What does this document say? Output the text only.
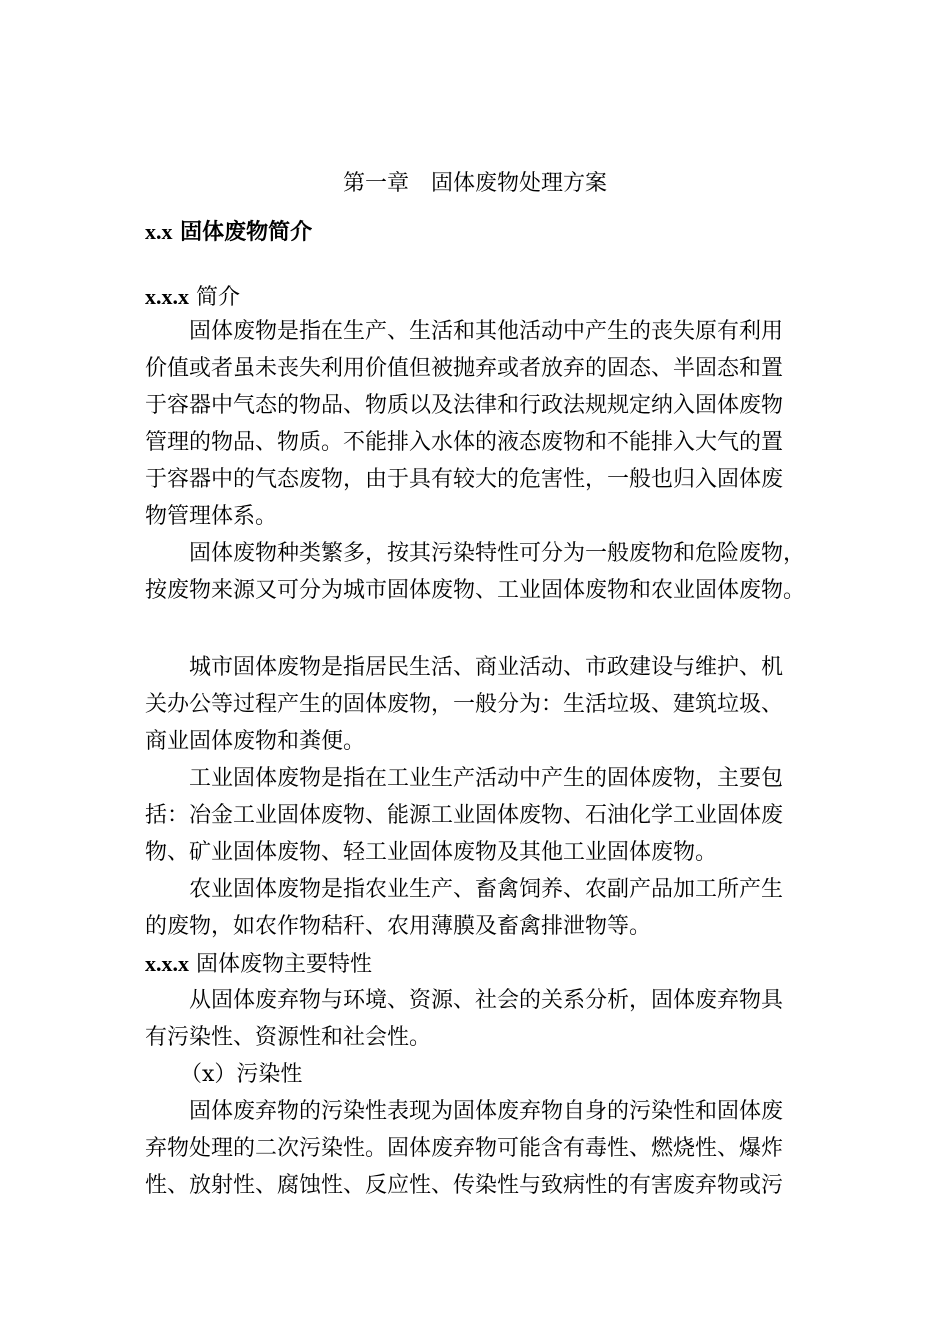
第一章　固体废物处理方案
x.x 固体废物简介
x.x.x 简介
固体废物是指在生产、生活和其他活动中产生的丧失原有利用
价值或者虽未丧失利用价值但被抛弃或者放弃的固态、半固态和置
于容器中气态的物品、物质以及法律和行政法规规定纳入固体废物
管理的物品、物质。不能排入水体的液态废物和不能排入大气的置
于容器中的气态废物，由于具有较大的危害性，一般也归入固体废
物管理体系。
固体废物种类繁多，按其污染特性可分为一般废物和危险废物，
按废物来源又可分为城市固体废物、工业固体废物和农业固体废物。
城市固体废物是指居民生活、商业活动、市政建设与维护、机
关办公等过程产生的固体废物，一般分为：生活垃圾、建筑垃圾、
商业固体废物和粪便。
工业固体废物是指在工业生产活动中产生的固体废物，主要包
括：冶金工业固体废物、能源工业固体废物、石油化学工业固体废
物、矿业固体废物、轻工业固体废物及其他工业固体废物。
农业固体废物是指农业生产、畜禽饲养、农副产品加工所产生
的废物，如农作物秸秆、农用薄膜及畜禽排泄物等。
x.x.x 固体废物主要特性
从固体废弃物与环境、资源、社会的关系分析，固体废弃物具
有污染性、资源性和社会性。
（x）污染性
固体废弃物的污染性表现为固体废弃物自身的污染性和固体废
弃物处理的二次污染性。固体废弃物可能含有毒性、燃烧性、爆炸
性、放射性、腐蚀性、反应性、传染性与致病性的有害废弃物或污
